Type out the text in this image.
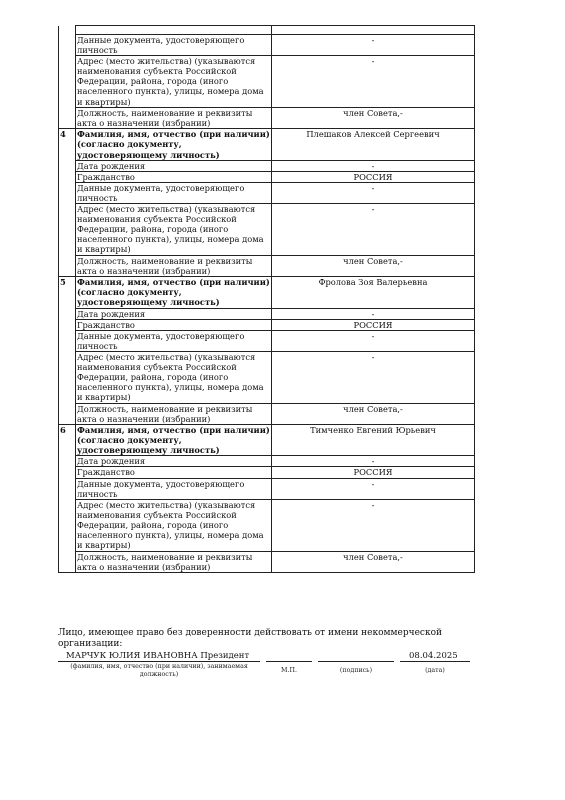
	Данные документа, удостоверяющего личность	-
	Адрес (место жительства) (указываются наименования субъекта Российской Федерации, района, города (иного населенного пункта), улицы, номера дома и квартиры)	-
	Должность, наименование и реквизиты акта о назначении (избрании)	член Совета,-
4	Фамилия, имя, отчество (при наличии) (согласно документу, удостоверяющему личность)	Плешаков Алексей Сергеевич
	Дата рождения	-
	Гражданство	РОССИЯ
	Данные документа, удостоверяющего личность	-
	Адрес (место жительства) (указываются наименования субъекта Российской Федерации, района, города (иного населенного пункта), улицы, номера дома и квартиры)	-
	Должность, наименование и реквизиты акта о назначении (избрании)	член Совета,-
5	Фамилия, имя, отчество (при наличии) (согласно документу, удостоверяющему личность)	Фролова Зоя Валерьевна
	Дата рождения	-
	Гражданство	РОССИЯ
	Данные документа, удостоверяющего личность	-
	Адрес (место жительства) (указываются наименования субъекта Российской Федерации, района, города (иного населенного пункта), улицы, номера дома и квартиры)	-
	Должность, наименование и реквизиты акта о назначении (избрании)	член Совета,-
6	Фамилия, имя, отчество (при наличии) (согласно документу, удостоверяющему личность)	Тимченко Евгений Юрьевич
	Дата рождения	-
	Гражданство	РОССИЯ
	Данные документа, удостоверяющего личность	-
	Адрес (место жительства) (указываются наименования субъекта Российской Федерации, района, города (иного населенного пункта), улицы, номера дома и квартиры)	-
	Должность, наименование и реквизиты акта о назначении (избрании)	член Совета,-
Лицо, имеющее право без доверенности действовать от имени некоммерческой организации:
МАРЧУК ЮЛИЯ ИВАНОВНА Президент	08.04.2025
(фамилия, имя, отчество (при наличии), занимаемая должность)
М.П.	(подпись)	(дата)
